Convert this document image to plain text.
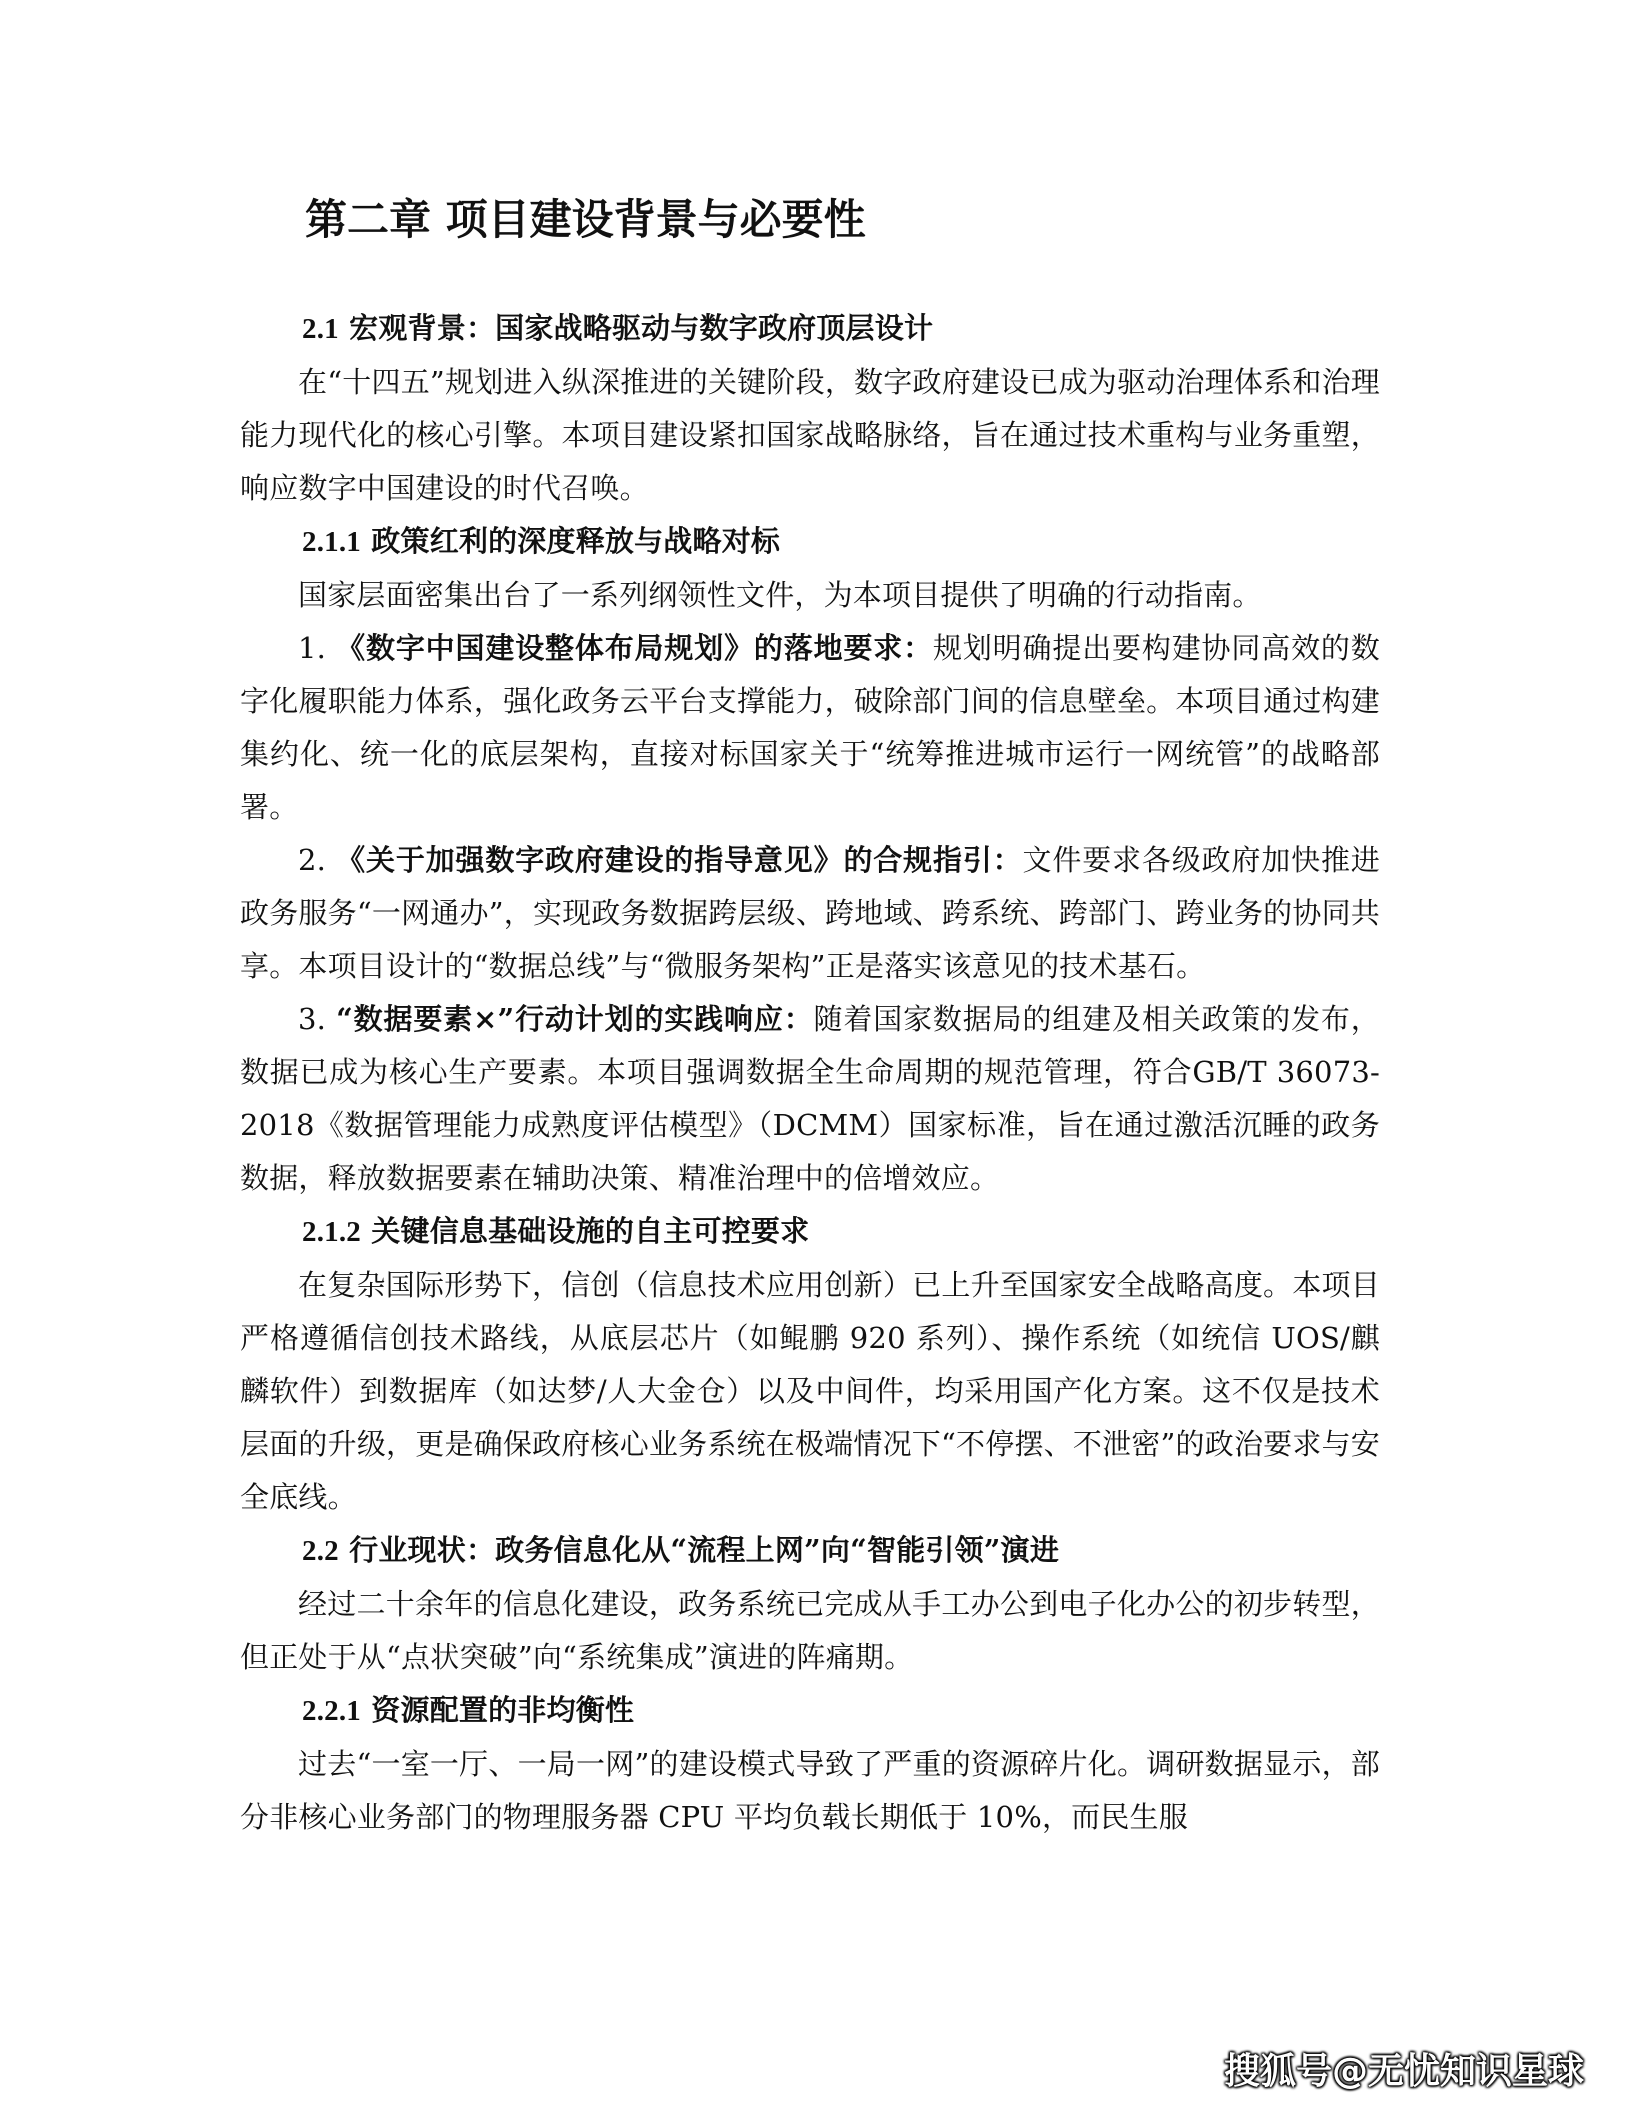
第二章 项目建设背景与必要性
2.1 宏观背景：国家战略驱动与数字政府顶层设计

在“十四五”规划进入纵深推进的关键阶段，数字政府建设已成为驱动治理体系和治理能力现代化的核心引擎。本项目建设紧扣国家战略脉络，旨在通过技术重构与业务重塑，响应数字中国建设的时代召唤。

2.1.1 政策红利的深度释放与战略对标

国家层面密集出台了一系列纲领性文件，为本项目提供了明确的行动指南。

1. 《数字中国建设整体布局规划》的落地要求：规划明确提出要构建协同高效的数字化履职能力体系，强化政务云平台支撑能力，破除部门间的信息壁垒。本项目通过构建集约化、统一化的底层架构，直接对标国家关于“统筹推进城市运行一网统管”的战略部署。

2. 《关于加强数字政府建设的指导意见》的合规指引：文件要求各级政府加快推进政务服务“一网通办”，实现政务数据跨层级、跨地域、跨系统、跨部门、跨业务的协同共享。本项目设计的“数据总线”与“微服务架构”正是落实该意见的技术基石。

3. “数据要素×”行动计划的实践响应：随着国家数据局的组建及相关政策的发布，数据已成为核心生产要素。本项目强调数据全生命周期的规范管理，符合GB/T 36073-2018《数据管理能力成熟度评估模型》（DCMM）国家标准，旨在通过激活沉睡的政务数据，释放数据要素在辅助决策、精准治理中的倍增效应。

2.1.2 关键信息基础设施的自主可控要求

在复杂国际形势下，信创（信息技术应用创新）已上升至国家安全战略高度。本项目严格遵循信创技术路线，从底层芯片（如鲲鹏 920 系列）、操作系统（如统信 UOS/麒麟软件）到数据库（如达梦/人大金仓）以及中间件，均采用国产化方案。这不仅是技术层面的升级，更是确保政府核心业务系统在极端情况下“不停摆、不泄密”的政治要求与安全底线。

2.2 行业现状：政务信息化从“流程上网”向“智能引领”演进

经过二十余年的信息化建设，政务系统已完成从手工办公到电子化办公的初步转型，但正处于从“点状突破”向“系统集成”演进的阵痛期。

2.2.1 资源配置的非均衡性

过去“一室一厅、一局一网”的建设模式导致了严重的资源碎片化。调研数据显示，部分非核心业务部门的物理服务器 CPU 平均负载长期低于 10%，而民生服

搜狐号@无忧知识星球
